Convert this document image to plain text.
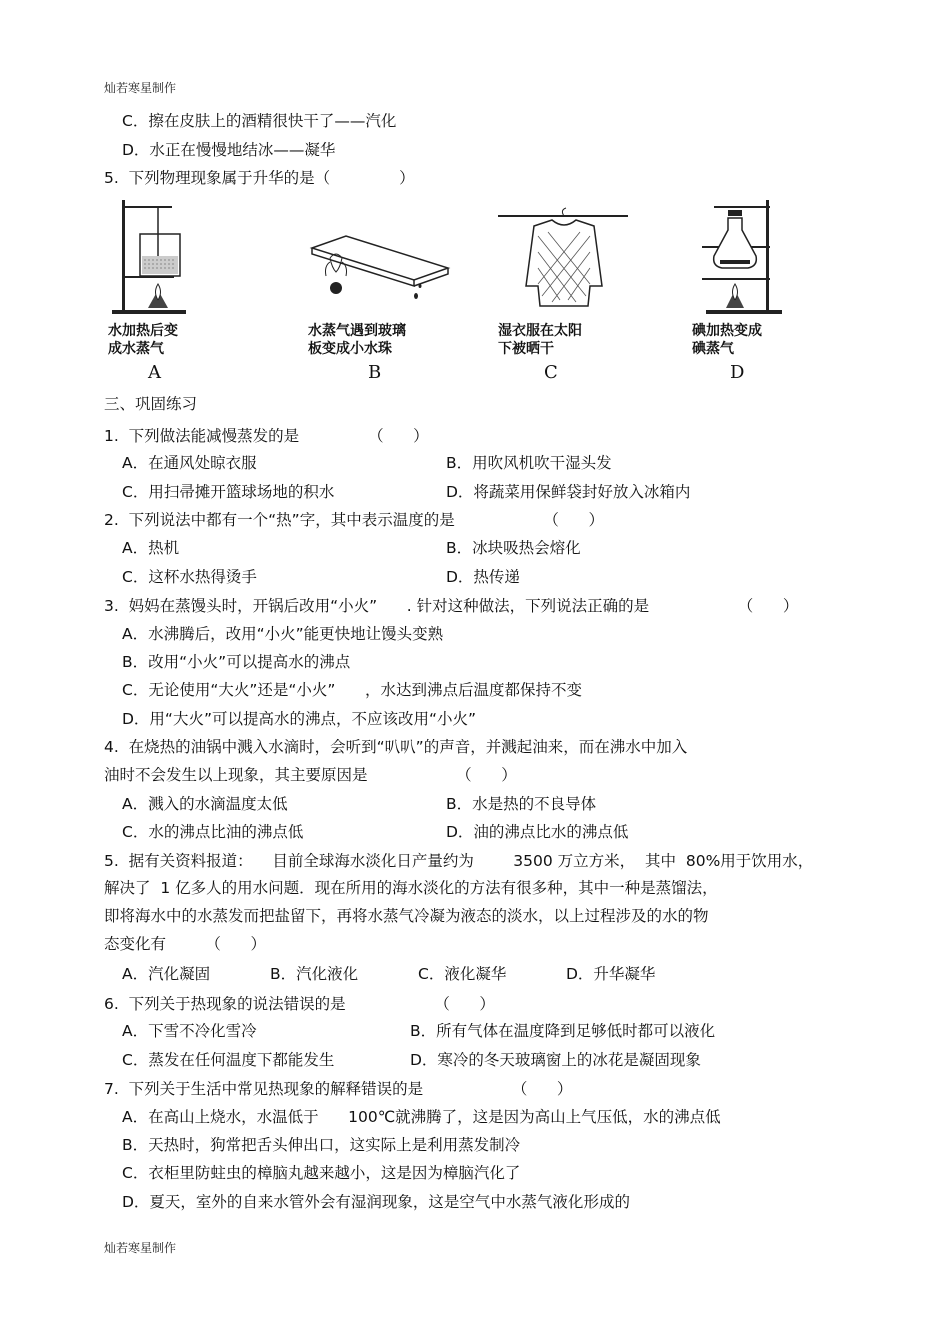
灿若寒星制作
C．擦在皮肤上的酒精很快干了——汽化
D．水正在慢慢地结冰——凝华
5.  下列物理现象属于升华的是（              ）
水加热后变
成水蒸气
A
水蒸气遇到玻璃
板变成小水珠
B
湿衣服在太阳
下被晒干
C
碘加热变成
碘蒸气
D
三、巩固练习
1.  下列做法能减慢蒸发的是              （      ）
A．在通风处晾衣服	B．用吹风机吹干湿头发
C．用扫帚摊开篮球场地的积水	D．将蔬菜用保鲜袋封好放入冰箱内
2.  下列说法中都有一个“热”字，其中表示温度的是                  （      ）
A．热机	B．冰块吸热会熔化
C．这杯水热得烫手	D．热传递
3.  妈妈在蒸馒头时，开锅后改用“小火”      . 针对这种做法，下列说法正确的是                  （      ）
A．水沸腾后，改用“小火”能更快地让馒头变熟
B．改用“小火”可以提高水的沸点
C．无论使用“大火”还是“小火”      ，水达到沸点后温度都保持不变
D．用“大火”可以提高水的沸点，不应该改用“小火”
4.  在烧热的油锅中溅入水滴时，会听到“叭叭”的声音，并溅起油来，而在沸水中加入
油时不会发生以上现象，其主要原因是                  （      ）
A．溅入的水滴温度太低	B．水是热的不良导体
C．水的沸点比油的沸点低	D．油的沸点比水的沸点低
5.  据有关资料报道：    目前全球海水淡化日产量约为        3500 万立方米，  其中  80%用于饮用水，
解决了  1 亿多人的用水问题．现在所用的海水淡化的方法有很多种，其中一种是蒸馏法，
即将海水中的水蒸发而把盐留下，再将水蒸气冷凝为液态的淡水，以上过程涉及的水的物
态变化有        （      ）
A．汽化凝固	B．汽化液化	C．液化凝华	D．升华凝华
6.  下列关于热现象的说法错误的是                  （      ）
A．下雪不冷化雪冷	B．所有气体在温度降到足够低时都可以液化
C．蒸发在任何温度下都能发生	D．寒冷的冬天玻璃窗上的冰花是凝固现象
7.  下列关于生活中常见热现象的解释错误的是                  （      ）
A．在高山上烧水，水温低于      100℃就沸腾了，这是因为高山上气压低，水的沸点低
B．天热时，狗常把舌头伸出口，这实际上是利用蒸发制冷
C．衣柜里防蛀虫的樟脑丸越来越小，这是因为樟脑汽化了
D．夏天，室外的自来水管外会有湿润现象，这是空气中水蒸气液化形成的
灿若寒星制作
